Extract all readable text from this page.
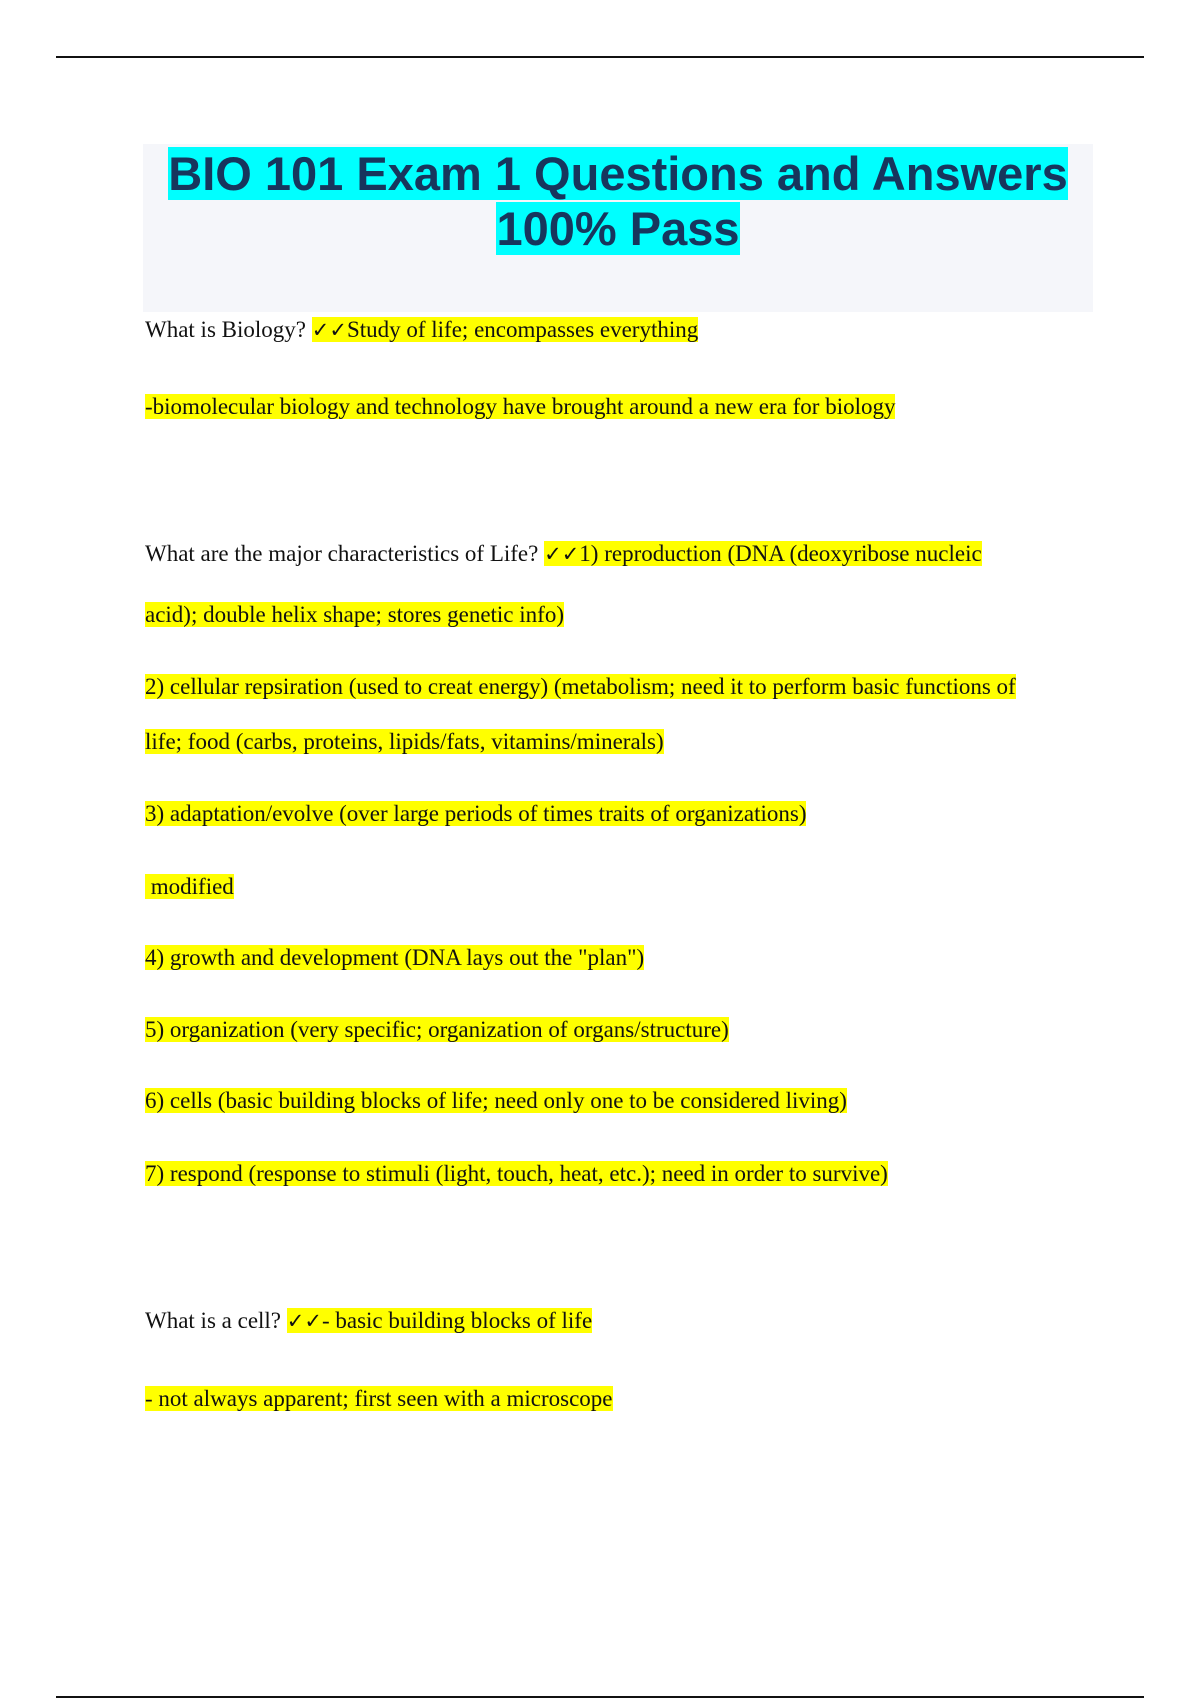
BIO 101 Exam 1 Questions and Answers
100% Pass

What is Biology? ✓✓Study of life; encompasses everything

-biomolecular biology and technology have brought around a new era for biology

What are the major characteristics of Life? ✓✓1) reproduction (DNA (deoxyribose nucleic

acid); double helix shape; stores genetic info)

2) cellular repsiration (used to creat energy) (metabolism; need it to perform basic functions of

life; food (carbs, proteins, lipids/fats, vitamins/minerals)

3) adaptation/evolve (over large periods of times traits of organizations)

modified

4) growth and development (DNA lays out the "plan")

5) organization (very specific; organization of organs/structure)

6) cells (basic building blocks of life; need only one to be considered living)

7) respond (response to stimuli (light, touch, heat, etc.); need in order to survive)

What is a cell? ✓✓- basic building blocks of life

- not always apparent; first seen with a microscope
